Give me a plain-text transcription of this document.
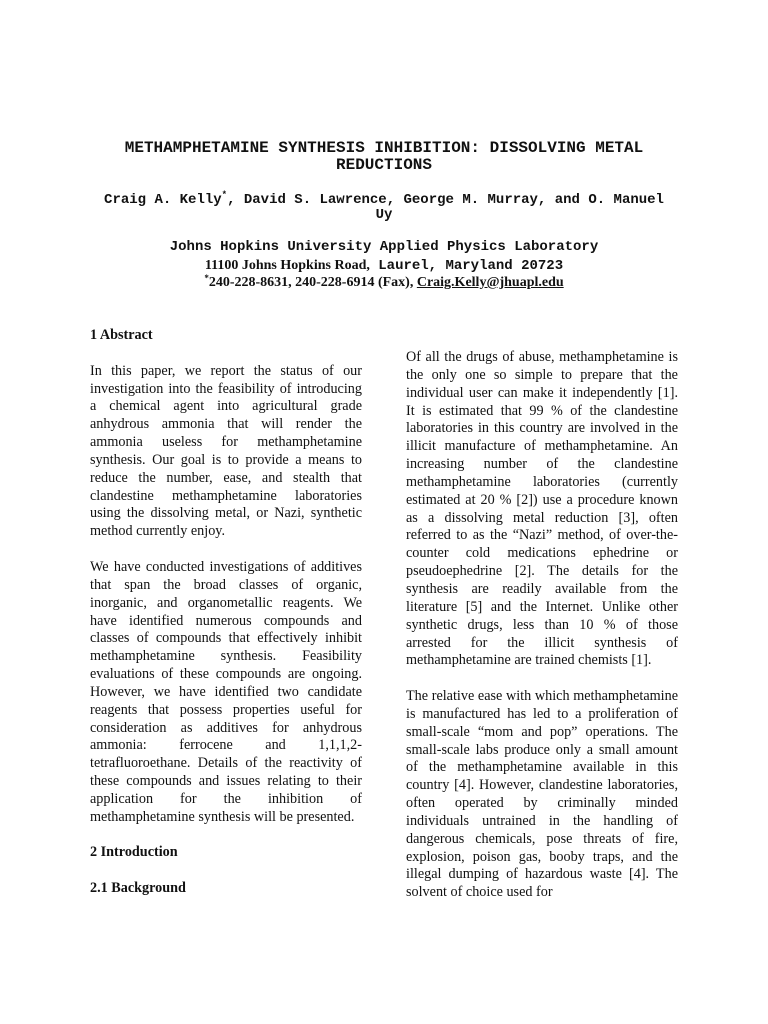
METHAMPHETAMINE SYNTHESIS INHIBITION: DISSOLVING METAL REDUCTIONS
Craig A. Kelly*, David S. Lawrence, George M. Murray, and O. Manuel Uy
Johns Hopkins University Applied Physics Laboratory
11100 Johns Hopkins Road, Laurel, Maryland 20723
*240-228-8631, 240-228-6914 (Fax), Craig.Kelly@jhuapl.edu
1 Abstract

In this paper, we report the status of our investigation into the feasibility of introducing a chemical agent into agricultural grade anhydrous ammonia that will render the ammonia useless for methamphetamine synthesis. Our goal is to provide a means to reduce the number, ease, and stealth that clandestine methamphetamine laboratories using the dissolving metal, or Nazi, synthetic method currently enjoy.

We have conducted investigations of additives that span the broad classes of organic, inorganic, and organometallic reagents. We have identified numerous compounds and classes of compounds that effectively inhibit methamphetamine synthesis. Feasibility evaluations of these compounds are ongoing. However, we have identified two candidate reagents that possess properties useful for consideration as additives for anhydrous ammonia: ferrocene and 1,1,1,2-tetrafluoroethane. Details of the reactivity of these compounds and issues relating to their application for the inhibition of methamphetamine synthesis will be presented.

2 Introduction
2.1 Background

Of all the drugs of abuse, methamphetamine is the only one so simple to prepare that the individual user can make it independently [1]. It is estimated that 99 % of the clandestine laboratories in this country are involved in the illicit manufacture of methamphetamine. An increasing number of the clandestine methamphetamine laboratories (currently estimated at 20 % [2]) use a procedure known as a dissolving metal reduction [3], often referred to as the “Nazi” method, of over-the-counter cold medications ephedrine or pseudoephedrine [2]. The details for the synthesis are readily available from the literature [5] and the Internet. Unlike other synthetic drugs, less than 10 % of those arrested for the illicit synthesis of methamphetamine are trained chemists [1].

The relative ease with which methamphetamine is manufactured has led to a proliferation of small-scale “mom and pop” operations. The small-scale labs produce only a small amount of the methamphetamine available in this country [4]. However, clandestine laboratories, often operated by criminally minded individuals untrained in the handling of dangerous chemicals, pose threats of fire, explosion, poison gas, booby traps, and the illegal dumping of hazardous waste [4]. The solvent of choice used for
